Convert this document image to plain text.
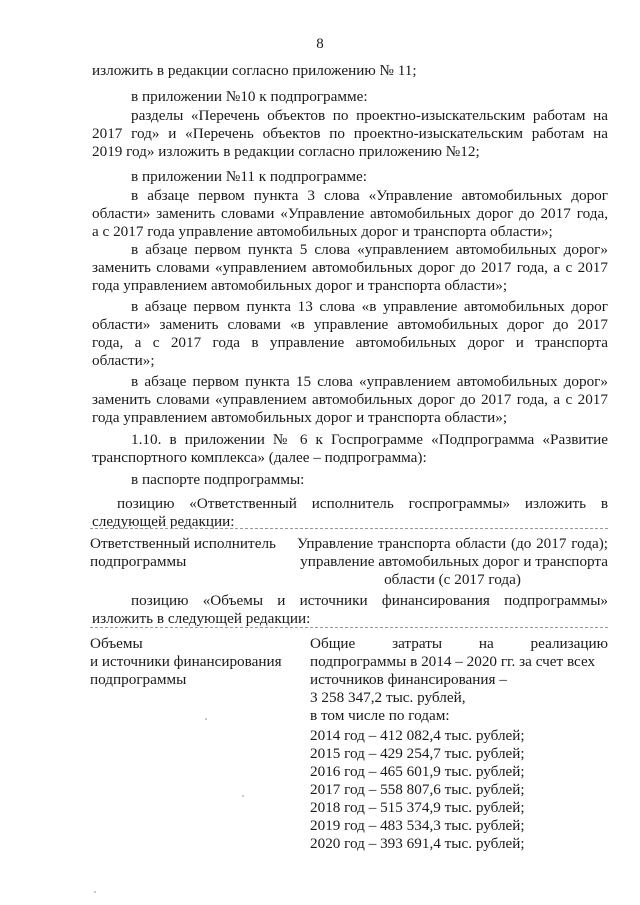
8

изложить в редакции согласно приложению № 11;

в приложении №10 к подпрограмме:

разделы «Перечень объектов по проектно-изыскательским работам на

2017 год» и «Перечень объектов по проектно-изыскательским работам на

2019 год» изложить в редакции согласно приложению №12;

в приложении №11 к подпрограмме:

в абзаце первом пункта 3 слова «Управление автомобильных дорог

области» заменить словами «Управление автомобильных дорог до 2017 года,

а с 2017 года управление автомобильных дорог и транспорта области»;

в абзаце первом пункта 5 слова «управлением автомобильных дорог»

заменить словами «управлением автомобильных дорог до 2017 года, а с 2017

года управлением автомобильных дорог и транспорта области»;

в абзаце первом пункта 13 слова «в управление автомобильных дорог

области» заменить словами «в управление автомобильных дорог до 2017

года, а с 2017 года в управление автомобильных дорог и транспорта

области»;

в абзаце первом пункта 15 слова «управлением автомобильных дорог»

заменить словами «управлением автомобильных дорог до 2017 года, а с 2017

года управлением автомобильных дорог и транспорта области»;

1.10. в приложении № 6 к Госпрограмме «Подпрограмма «Развитие

транспортного комплекса» (далее – подпрограмма):

в паспорте подпрограммы:

позицию «Ответственный исполнитель госпрограммы» изложить в

следующей редакции:

Ответственный исполнитель

подпрограммы

Управление транспорта области (до 2017 года);

управление автомобильных дорог и транспорта

области (с 2017 года)

позицию «Объемы и источники финансирования подпрограммы»

изложить в следующей редакции:

Объемы

и источники финансирования

подпрограммы

Общие затраты на реализацию

подпрограммы в 2014 – 2020 гг. за счет всех

источников финансирования –

3 258 347,2 тыс. рублей,

в том числе по годам:

2014 год – 412 082,4 тыс. рублей;

2015 год – 429 254,7 тыс. рублей;

2016 год – 465 601,9 тыс. рублей;

2017 год – 558 807,6 тыс. рублей;

2018 год – 515 374,9 тыс. рублей;

2019 год – 483 534,3 тыс. рублей;

2020 год – 393 691,4 тыс. рублей;
